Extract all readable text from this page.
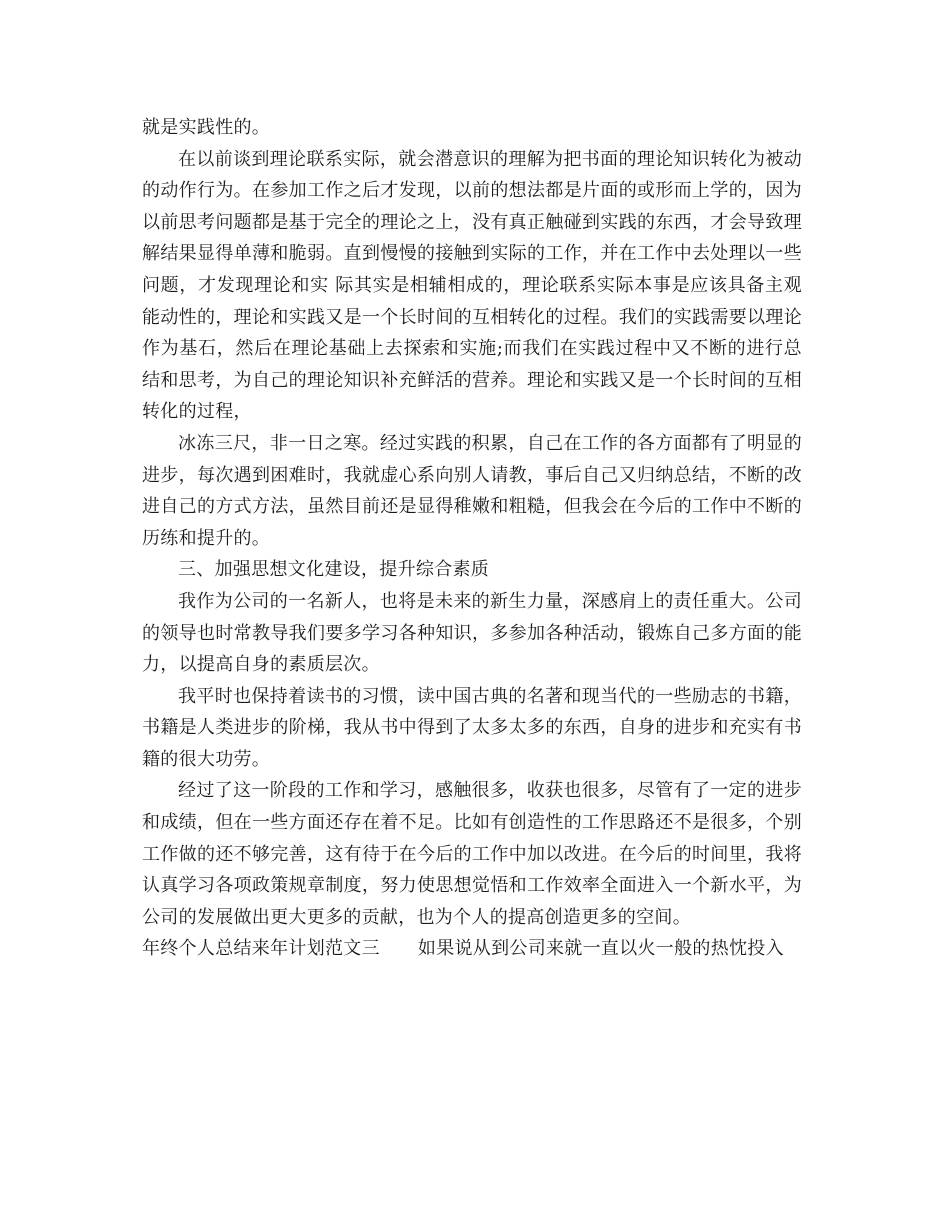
就是实践性的。

在以前谈到理论联系实际，就会潜意识的理解为把书面的理论知识转化为被动的动作行为。在参加工作之后才发现，以前的想法都是片面的或形而上学的，因为以前思考问题都是基于完全的理论之上，没有真正触碰到实践的东西，才会导致理解结果显得单薄和脆弱。直到慢慢的接触到实际的工作，并在工作中去处理以一些问题，才发现理论和实 际其实是相辅相成的，理论联系实际本事是应该具备主观能动性的，理论和实践又是一个长时间的互相转化的过程。我们的实践需要以理论作为基石，然后在理论基础上去探索和实施;而我们在实践过程中又不断的进行总结和思考，为自己的理论知识补充鲜活的营养。理论和实践又是一个长时间的互相转化的过程，

冰冻三尺，非一日之寒。经过实践的积累，自己在工作的各方面都有了明显的进步，每次遇到困难时，我就虚心系向别人请教，事后自己又归纳总结，不断的改进自己的方式方法，虽然目前还是显得稚嫩和粗糙，但我会在今后的工作中不断的历练和提升的。

三、加强思想文化建设，提升综合素质

我作为公司的一名新人，也将是未来的新生力量，深感肩上的责任重大。公司的领导也时常教导我们要多学习各种知识，多参加各种活动，锻炼自己多方面的能力，以提高自身的素质层次。

我平时也保持着读书的习惯，读中国古典的名著和现当代的一些励志的书籍，书籍是人类进步的阶梯，我从书中得到了太多太多的东西，自身的进步和充实有书籍的很大功劳。

经过了这一阶段的工作和学习，感触很多，收获也很多，尽管有了一定的进步和成绩，但在一些方面还存在着不足。比如有创造性的工作思路还不是很多，个别工作做的还不够完善，这有待于在今后的工作中加以改进。在今后的时间里，我将认真学习各项政策规章制度，努力使思想觉悟和工作效率全面进入一个新水平，为公司的发展做出更大更多的贡献，也为个人的提高创造更多的空间。

年终个人总结来年计划范文三 如果说从到公司来就一直以火一般的热忱投入
